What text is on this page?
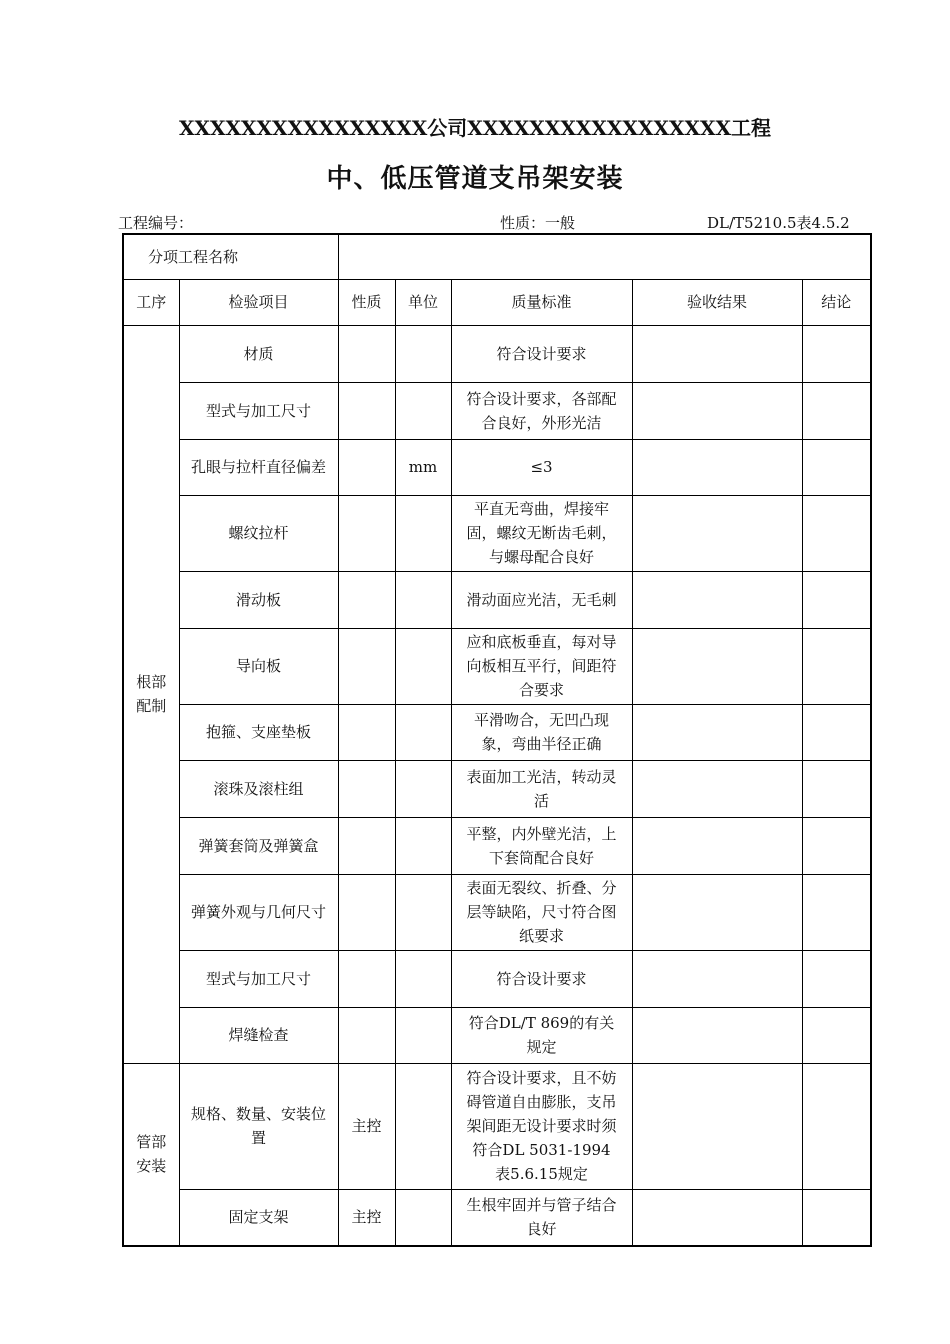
XXXXXXXXXXXXXXXX公司XXXXXXXXXXXXXXXXX工程
中、低压管道支吊架安装
工程编号：	性质：一般	DL/T5210.5表4.5.2
分项工程名称						
工序	检验项目	性质	单位	质量标准	验收结果	结论
根部配制	材质			符合设计要求		
	型式与加工尺寸			符合设计要求，各部配合良好，外形光洁		
	孔眼与拉杆直径偏差		mm	≤3		
	螺纹拉杆			平直无弯曲，焊接牢固，螺纹无断齿毛刺，与螺母配合良好		
	滑动板			滑动面应光洁，无毛刺		
	导向板			应和底板垂直，每对导向板相互平行，间距符合要求		
	抱箍、支座垫板			平滑吻合，无凹凸现象，弯曲半径正确		
	滚珠及滚柱组			表面加工光洁，转动灵活		
	弹簧套筒及弹簧盒			平整，内外壁光洁，上下套筒配合良好		
	弹簧外观与几何尺寸			表面无裂纹、折叠、分层等缺陷，尺寸符合图纸要求		
	型式与加工尺寸			符合设计要求		
	焊缝检查			符合DL/T 869的有关规定		
管部安装	规格、数量、安装位置	主控		符合设计要求，且不妨碍管道自由膨胀，支吊架间距无设计要求时须符合DL 5031-1994 表5.6.15规定		
	固定支架	主控		生根牢固并与管子结合良好		
